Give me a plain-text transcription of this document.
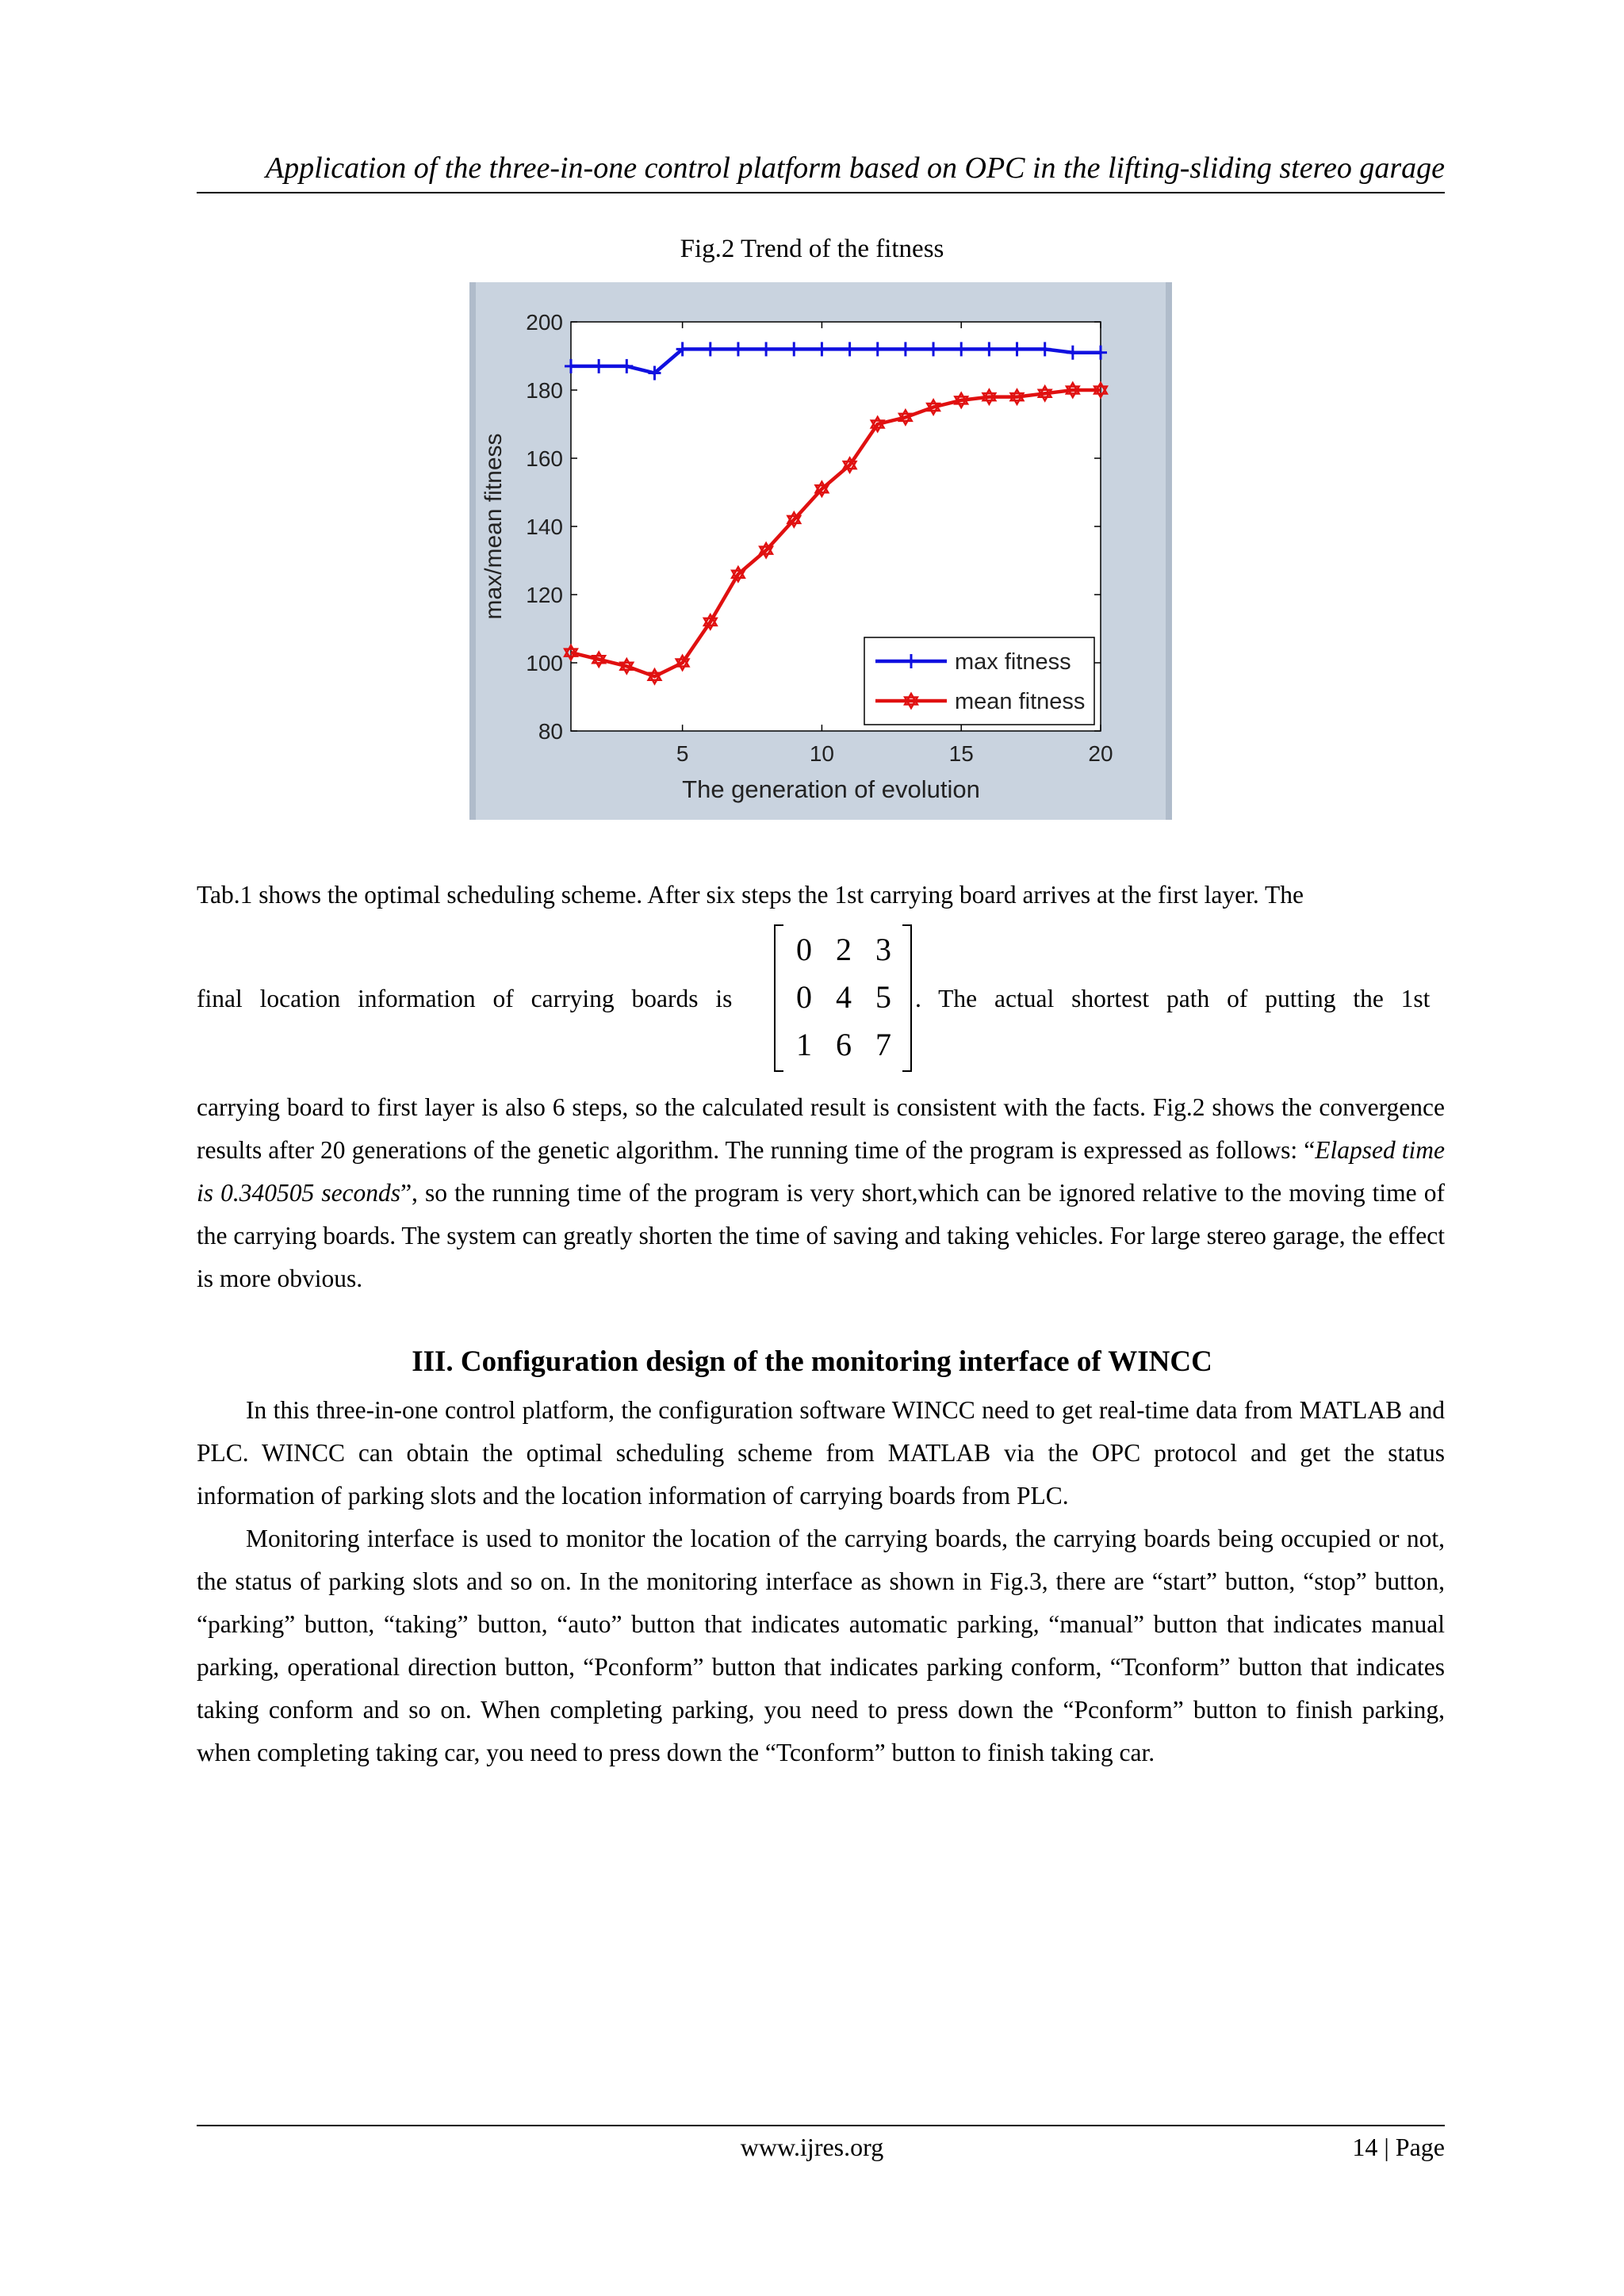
Application of the three-in-one control platform based on OPC in the lifting-sliding stereo garage
Fig.2 Trend of the fitness
80
100
120
140
160
180
200
5	10	15	20
max/mean fitness
The generation of evolution
max fitness
mean fitness
Tab.1 shows the optimal scheduling scheme. After six steps the 1st carrying board arrives at the first layer. The
final location information of carrying boards is
0 2 3
0 4 5
1 6 7
. The actual shortest path of putting the 1st
carrying board to first layer is also 6 steps, so the calculated result is consistent with the facts. Fig.2 shows the convergence results after 20 generations of the genetic algorithm. The running time of the program is expressed as follows: “Elapsed time is 0.340505 seconds”, so the running time of the program is very short,which can be ignored relative to the moving time of the carrying boards. The system can greatly shorten the time of saving and taking vehicles. For large stereo garage, the effect is more obvious.
III. Configuration design of the monitoring interface of WINCC
In this three-in-one control platform, the configuration software WINCC need to get real-time data from MATLAB and PLC. WINCC can obtain the optimal scheduling scheme from MATLAB via the OPC protocol and get the status information of parking slots and the location information of carrying boards from PLC.
Monitoring interface is used to monitor the location of the carrying boards, the carrying boards being occupied or not, the status of parking slots and so on. In the monitoring interface as shown in Fig.3, there are “start” button, “stop” button, “parking” button, “taking” button, “auto” button that indicates automatic parking, “manual” button that indicates manual parking, operational direction button, “Pconform” button that indicates parking conform, “Tconform” button that indicates taking conform and so on. When completing parking, you need to press down the “Pconform” button to finish parking, when completing taking car, you need to press down the “Tconform” button to finish taking car.
www.ijres.org	14 | Page
